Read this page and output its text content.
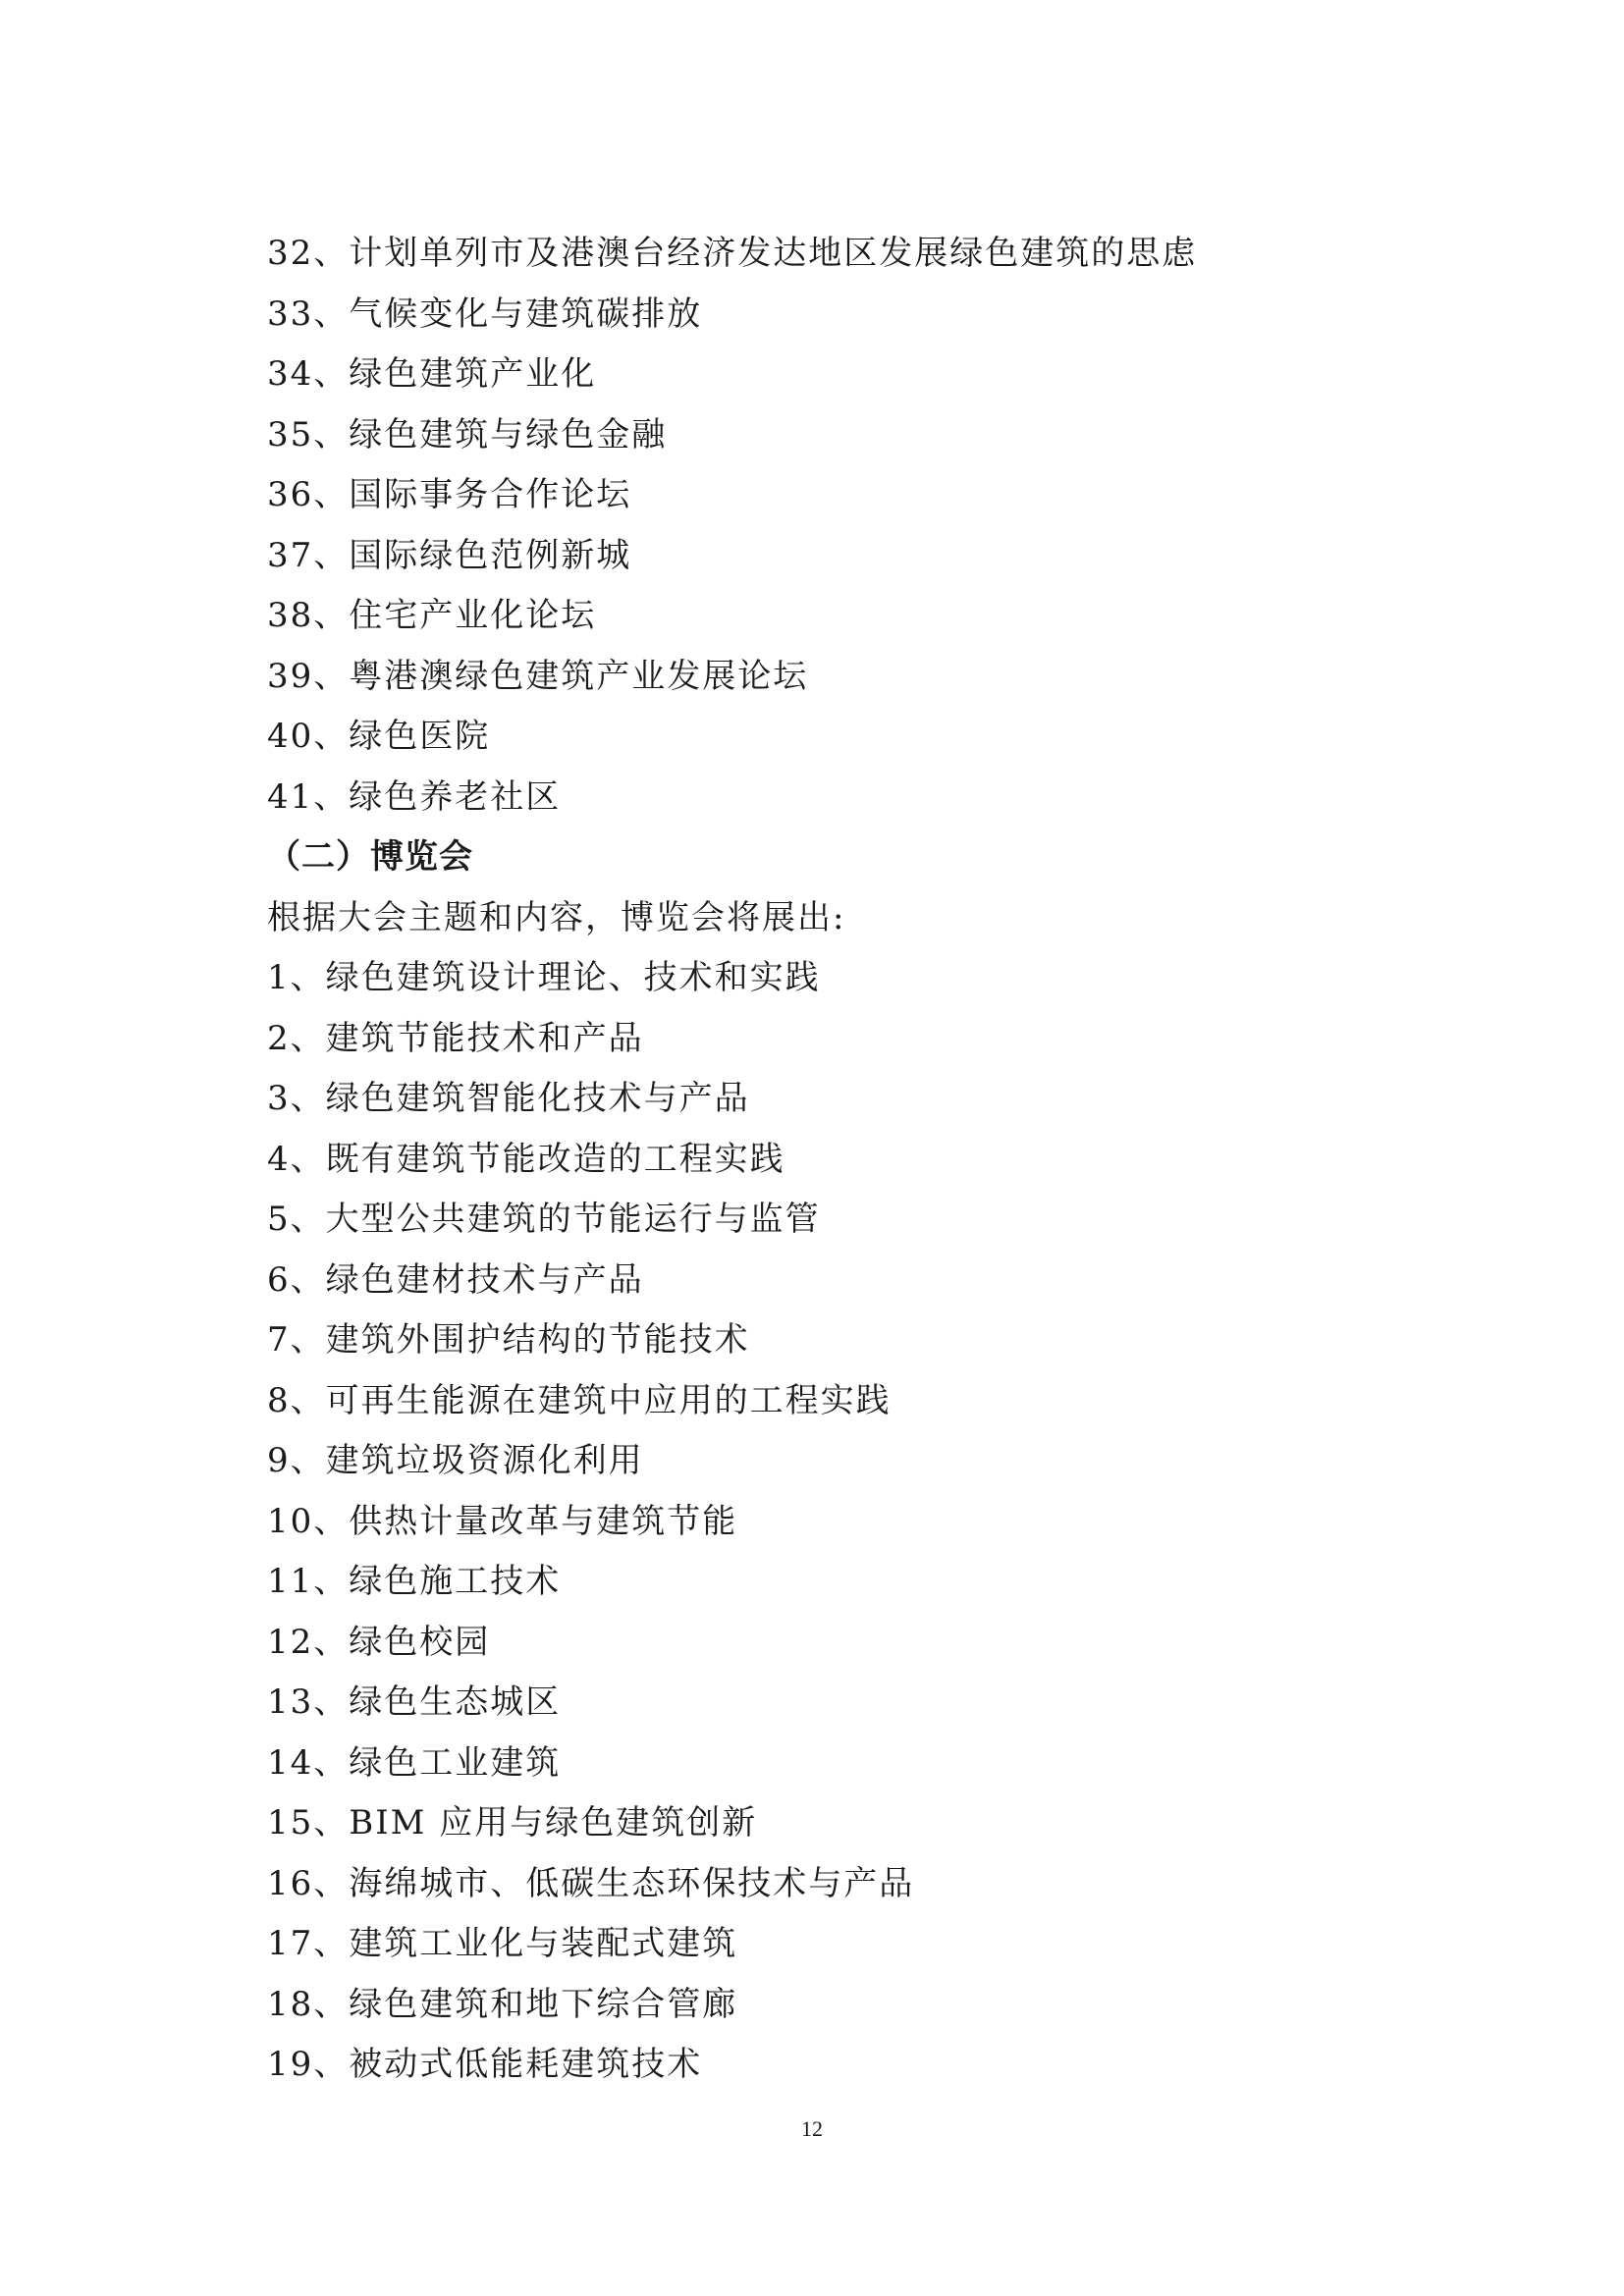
32、计划单列市及港澳台经济发达地区发展绿色建筑的思虑
33、气候变化与建筑碳排放
34、绿色建筑产业化
35、绿色建筑与绿色金融
36、国际事务合作论坛
37、国际绿色范例新城
38、住宅产业化论坛
39、粤港澳绿色建筑产业发展论坛
40、绿色医院
41、绿色养老社区
（二）博览会
根据大会主题和内容，博览会将展出:
1、绿色建筑设计理论、技术和实践
2、建筑节能技术和产品
3、绿色建筑智能化技术与产品
4、既有建筑节能改造的工程实践
5、大型公共建筑的节能运行与监管
6、绿色建材技术与产品
7、建筑外围护结构的节能技术
8、可再生能源在建筑中应用的工程实践
9、建筑垃圾资源化利用
10、供热计量改革与建筑节能
11、绿色施工技术
12、绿色校园
13、绿色生态城区
14、绿色工业建筑
15、BIM 应用与绿色建筑创新
16、海绵城市、低碳生态环保技术与产品
17、建筑工业化与装配式建筑
18、绿色建筑和地下综合管廊
19、被动式低能耗建筑技术
12
